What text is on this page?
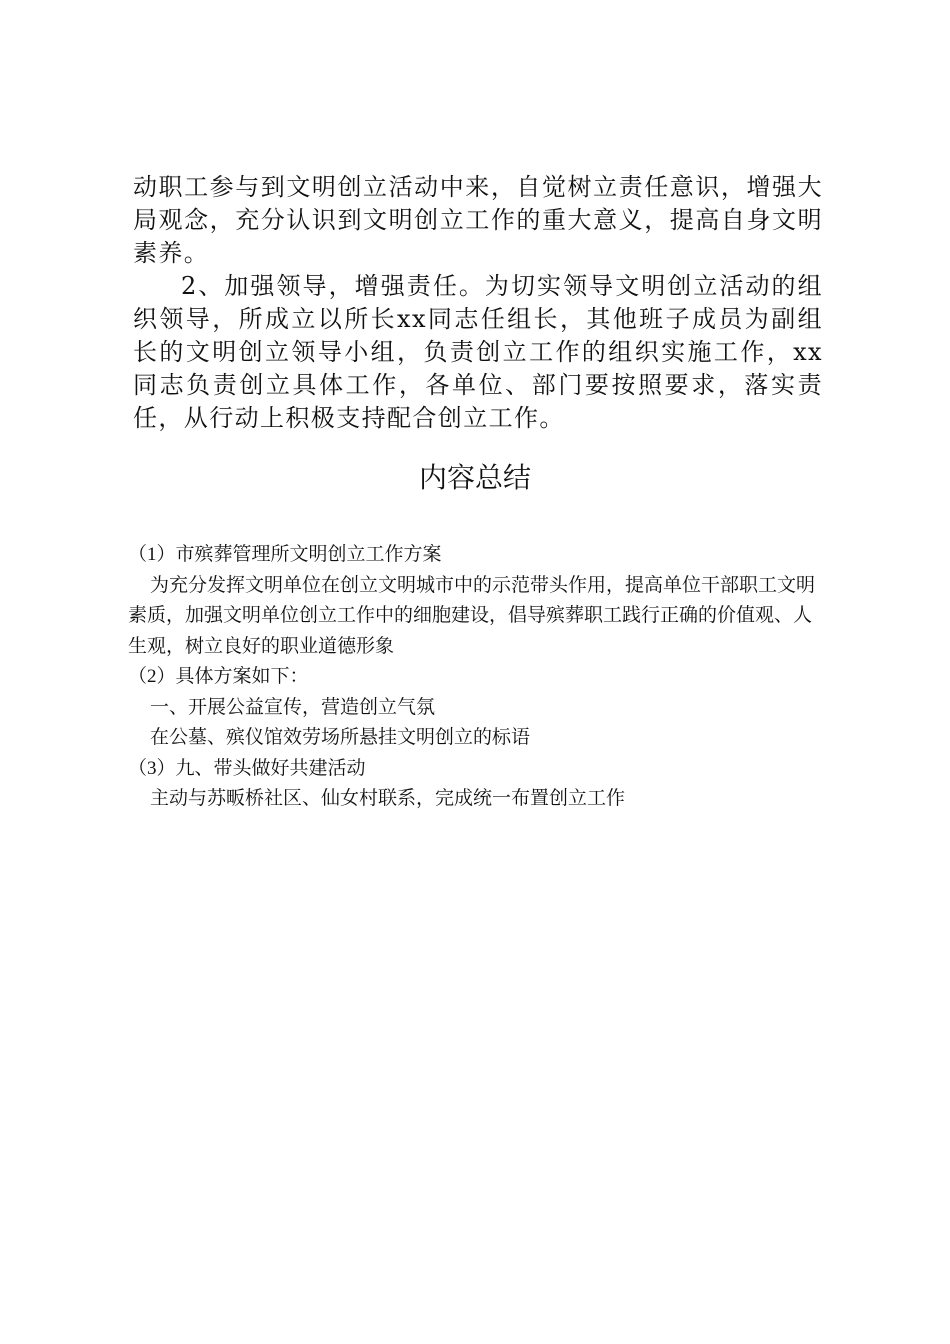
动职工参与到文明创立活动中来，自觉树立责任意识，增强大局观念，充分认识到文明创立工作的重大意义，提高自身文明素养。

2、加强领导，增强责任。为切实领导文明创立活动的组织领导，所成立以所长xx同志任组长，其他班子成员为副组长的文明创立领导小组，负责创立工作的组织实施工作，xx同志负责创立具体工作，各单位、部门要按照要求，落实责任，从行动上积极支持配合创立工作。

内容总结

（1）市殡葬管理所文明创立工作方案

为充分发挥文明单位在创立文明城市中的示范带头作用，提高单位干部职工文明素质，加强文明单位创立工作中的细胞建设，倡导殡葬职工践行正确的价值观、人生观，树立良好的职业道德形象

（2）具体方案如下：

一、开展公益宣传，营造创立气氛

在公墓、殡仪馆效劳场所悬挂文明创立的标语

（3）九、带头做好共建活动

主动与苏畈桥社区、仙女村联系，完成统一布置创立工作
